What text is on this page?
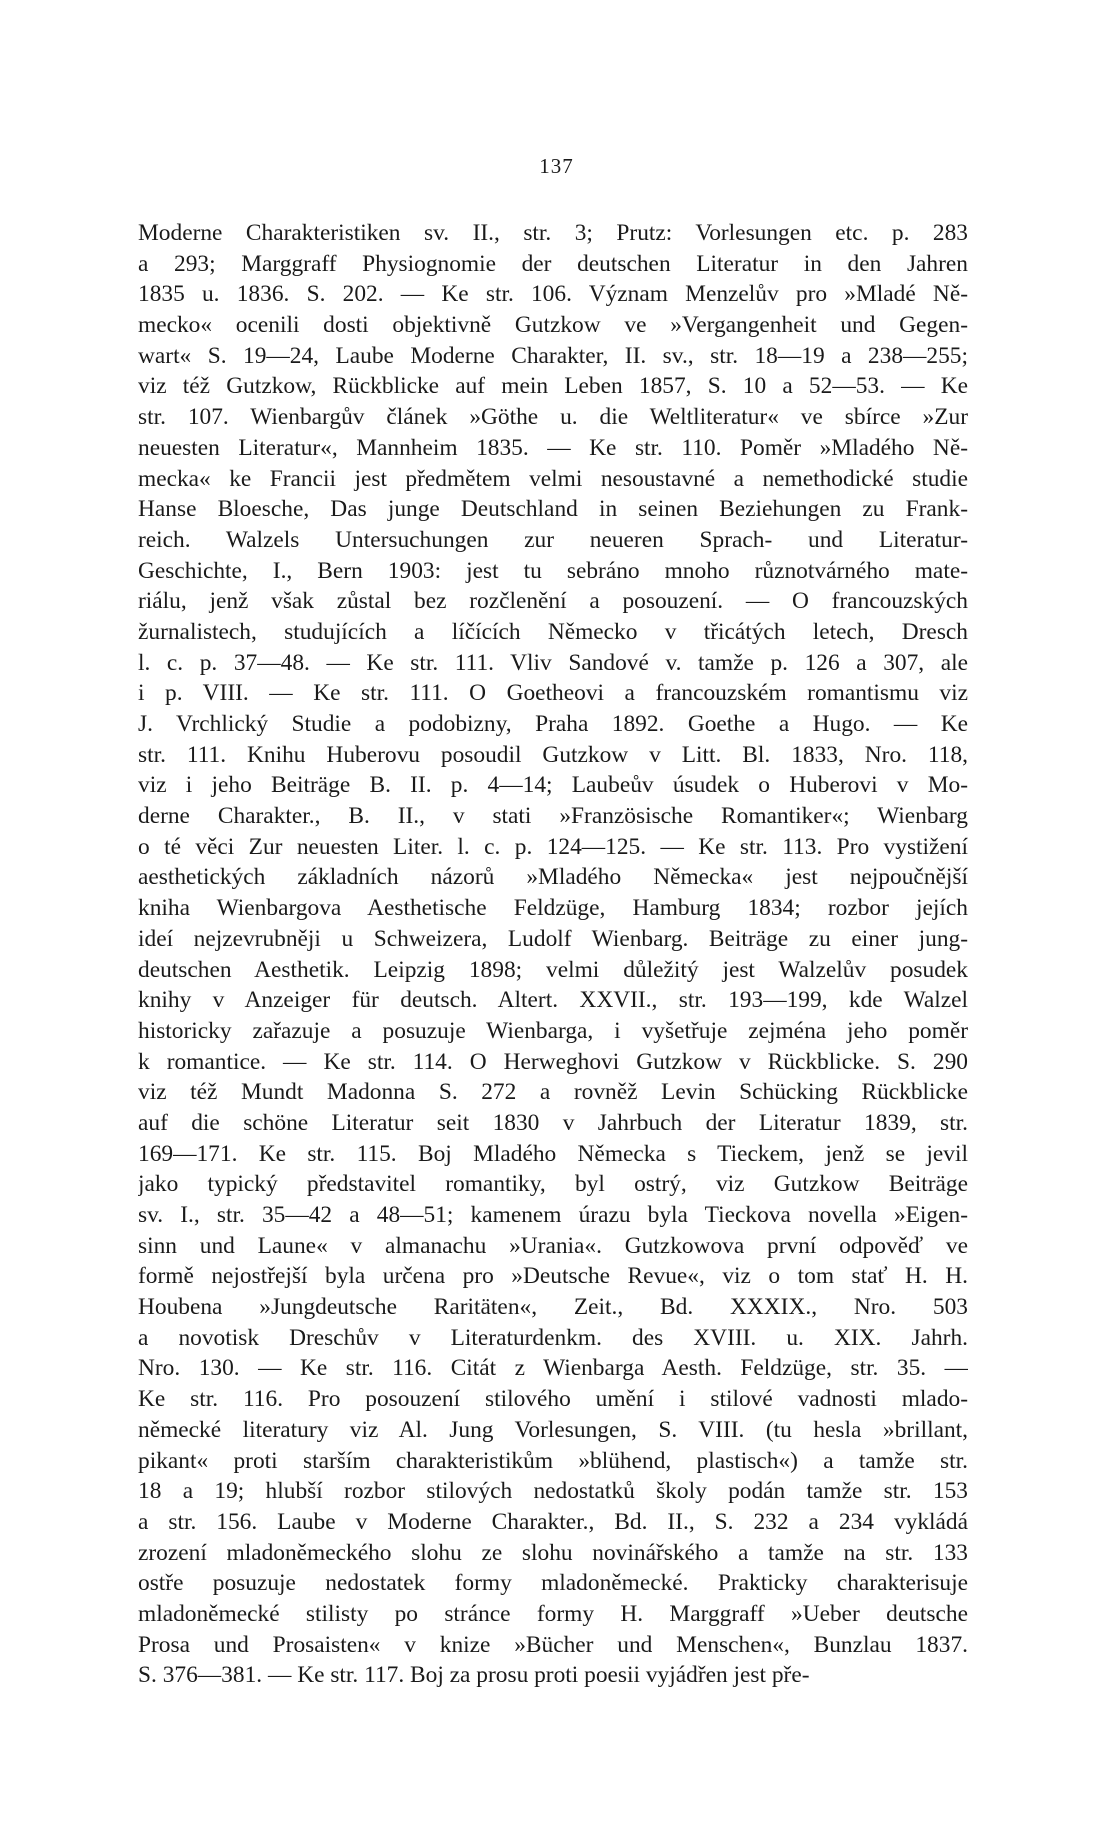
137
Moderne Charakteristiken sv. II., str. 3; Prutz: Vorlesungen etc. p. 283
a 293; Marggraff Physiognomie der deutschen Literatur in den Jahren
1835 u. 1836. S. 202. — Ke str. 106. Význam Menzelův pro »Mladé Ně-
mecko« ocenili dosti objektivně Gutzkow ve »Vergangenheit und Gegen-
wart« S. 19—24, Laube Moderne Charakter, II. sv., str. 18—19 a 238—255;
viz též Gutzkow, Rückblicke auf mein Leben 1857, S. 10 a 52—53. — Ke
str. 107. Wienbargův článek »Göthe u. die Weltliteratur« ve sbírce »Zur
neuesten Literatur«, Mannheim 1835. — Ke str. 110. Poměr »Mladého Ně-
mecka« ke Francii jest předmětem velmi nesoustavné a nemethodické studie
Hanse Bloesche, Das junge Deutschland in seinen Beziehungen zu Frank-
reich. Walzels Untersuchungen zur neueren Sprach- und Literatur-
Geschichte, I., Bern 1903: jest tu sebráno mnoho různotvárného mate-
riálu, jenž však zůstal bez rozčlenění a posouzení. — O francouzských
žurnalistech, studujících a líčících Německo v třicátých letech, Dresch
l. c. p. 37—48. — Ke str. 111. Vliv Sandové v. tamže p. 126 a 307, ale
i p. VIII. — Ke str. 111. O Goetheovi a francouzském romantismu viz
J. Vrchlický Studie a podobizny, Praha 1892. Goethe a Hugo. — Ke
str. 111. Knihu Huberovu posoudil Gutzkow v Litt. Bl. 1833, Nro. 118,
viz i jeho Beiträge B. II. p. 4—14; Laubeův úsudek o Huberovi v Mo-
derne Charakter., B. II., v stati »Französische Romantiker«; Wienbarg
o té věci Zur neuesten Liter. l. c. p. 124—125. — Ke str. 113. Pro vystižení
aesthetických základních názorů »Mladého Německa« jest nejpoučnější
kniha Wienbargova Aesthetische Feldzüge, Hamburg 1834; rozbor jejích
ideí nejzevrubněji u Schweizera, Ludolf Wienbarg. Beiträge zu einer jung-
deutschen Aesthetik. Leipzig 1898; velmi důležitý jest Walzelův posudek
knihy v Anzeiger für deutsch. Altert. XXVII., str. 193—199, kde Walzel
historicky zařazuje a posuzuje Wienbarga, i vyšetřuje zejména jeho poměr
k romantice. — Ke str. 114. O Herweghovi Gutzkow v Rückblicke. S. 290
viz též Mundt Madonna S. 272 a rovněž Levin Schücking Rückblicke
auf die schöne Literatur seit 1830 v Jahrbuch der Literatur 1839, str.
169—171. Ke str. 115. Boj Mladého Německa s Tieckem, jenž se jevil
jako typický představitel romantiky, byl ostrý, viz Gutzkow Beiträge
sv. I., str. 35—42 a 48—51; kamenem úrazu byla Tieckova novella »Eigen-
sinn und Laune« v almanachu »Urania«. Gutzkowova první odpověď ve
formě nejostřejší byla určena pro »Deutsche Revue«, viz o tom stať H. H.
Houbena »Jungdeutsche Raritäten«, Zeit., Bd. XXXIX., Nro. 503
a novotisk Dreschův v Literaturdenkm. des XVIII. u. XIX. Jahrh.
Nro. 130. — Ke str. 116. Citát z Wienbarga Aesth. Feldzüge, str. 35. —
Ke str. 116. Pro posouzení stilového umění i stilové vadnosti mlado-
německé literatury viz Al. Jung Vorlesungen, S. VIII. (tu hesla »brillant,
pikant« proti starším charakteristikům »blühend, plastisch«) a tamže str.
18 a 19; hlubší rozbor stilových nedostatků školy podán tamže str. 153
a str. 156. Laube v Moderne Charakter., Bd. II., S. 232 a 234 vykládá
zrození mladoněmeckého slohu ze slohu novinářského a tamže na str. 133
ostře posuzuje nedostatek formy mladoněmecké. Prakticky charakterisuje
mladoněmecké stilisty po stránce formy H. Marggraff »Ueber deutsche
Prosa und Prosaisten« v knize »Bücher und Menschen«, Bunzlau 1837.
S. 376—381. — Ke str. 117. Boj za prosu proti poesii vyjádřen jest pře-
